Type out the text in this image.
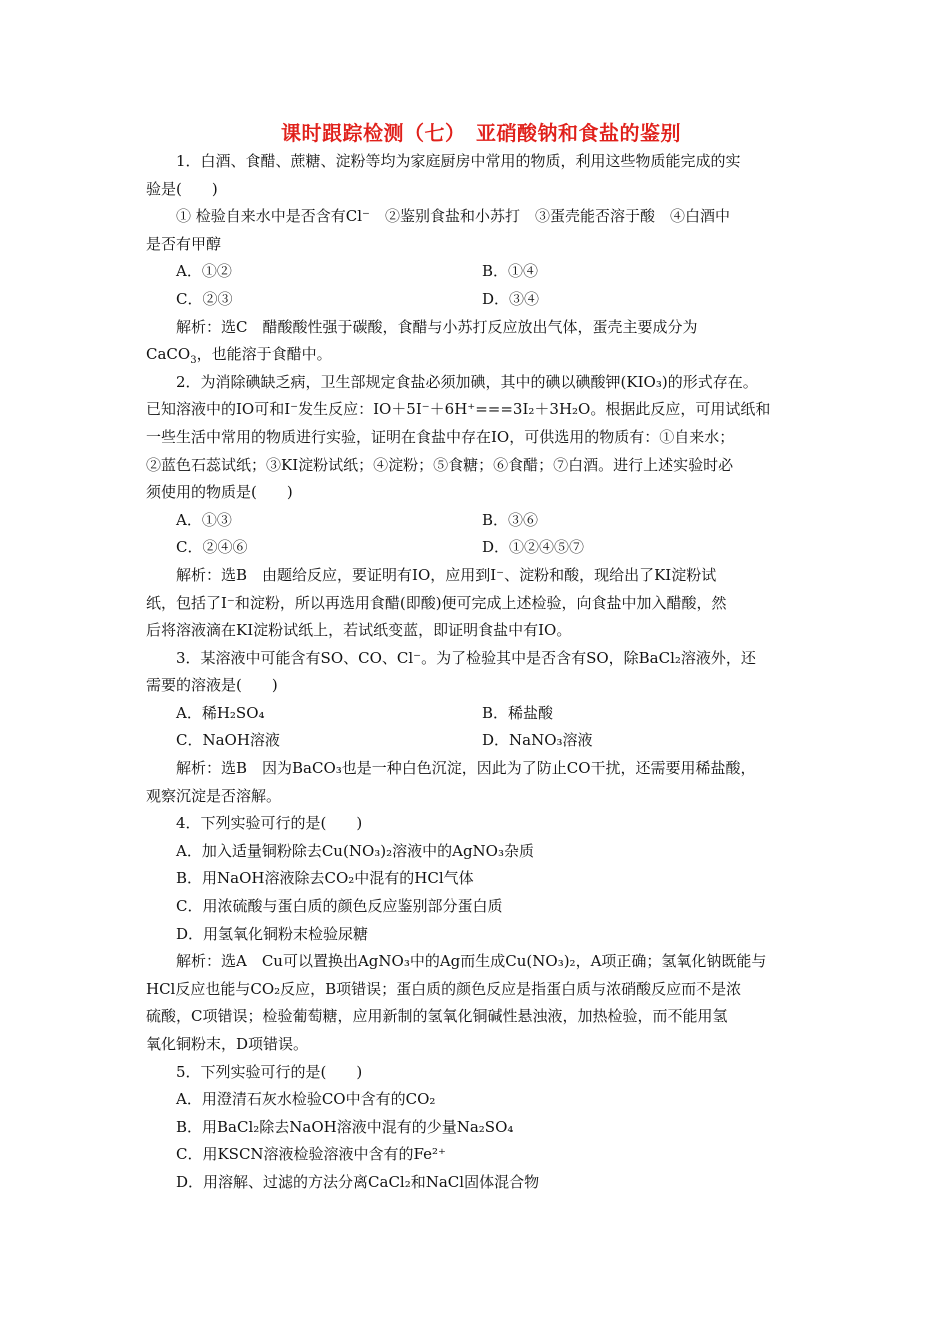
课时跟踪检测（七）　亚硝酸钠和食盐的鉴别
1．白酒、食醋、蔗糖、淀粉等均为家庭厨房中常用的物质，利用这些物质能完成的实
验是(　　)
① 检验自来水中是否含有Cl⁻　②鉴别食盐和小苏打　③蛋壳能否溶于酸　④白酒中
是否有甲醇
A．①②	B．①④
C．②③	D．③④
解析：选C　醋酸酸性强于碳酸，食醋与小苏打反应放出气体，蛋壳主要成分为
CaCO$_3$，也能溶于食醋中。
2．为消除碘缺乏病，卫生部规定食盐必须加碘，其中的碘以碘酸钾(KIO₃)的形式存在。
已知溶液中的IO可和I⁻发生反应：IO＋5I⁻＋6H⁺===3I₂＋3H₂O。根据此反应，可用试纸和
一些生活中常用的物质进行实验，证明在食盐中存在IO，可供选用的物质有：①自来水；
②蓝色石蕊试纸；③KI淀粉试纸；④淀粉；⑤食糖；⑥食醋；⑦白酒。进行上述实验时必
须使用的物质是(　　)
A．①③	B．③⑥
C．②④⑥	D．①②④⑤⑦
解析：选B　由题给反应，要证明有IO，应用到I⁻、淀粉和酸，现给出了KI淀粉试
纸，包括了I⁻和淀粉，所以再选用食醋(即酸)便可完成上述检验，向食盐中加入醋酸，然
后将溶液滴在KI淀粉试纸上，若试纸变蓝，即证明食盐中有IO。
3．某溶液中可能含有SO、CO、Cl⁻。为了检验其中是否含有SO，除BaCl₂溶液外，还
需要的溶液是(　　)
A．稀H₂SO₄	B．稀盐酸
C．NaOH溶液	D．NaNO₃溶液
解析：选B　因为BaCO₃也是一种白色沉淀，因此为了防止CO干扰，还需要用稀盐酸，
观察沉淀是否溶解。
4．下列实验可行的是(　　)
A．加入适量铜粉除去Cu(NO₃)₂溶液中的AgNO₃杂质
B．用NaOH溶液除去CO₂中混有的HCl气体
C．用浓硫酸与蛋白质的颜色反应鉴别部分蛋白质
D．用氢氧化铜粉末检验尿糖
解析：选A　Cu可以置换出AgNO₃中的Ag而生成Cu(NO₃)₂，A项正确；氢氧化钠既能与
HCl反应也能与CO₂反应，B项错误；蛋白质的颜色反应是指蛋白质与浓硝酸反应而不是浓
硫酸，C项错误；检验葡萄糖，应用新制的氢氧化铜碱性悬浊液，加热检验，而不能用氢
氧化铜粉末，D项错误。
5．下列实验可行的是(　　)
A．用澄清石灰水检验CO中含有的CO₂
B．用BaCl₂除去NaOH溶液中混有的少量Na₂SO₄
C．用KSCN溶液检验溶液中含有的Fe²⁺
D．用溶解、过滤的方法分离CaCl₂和NaCl固体混合物
